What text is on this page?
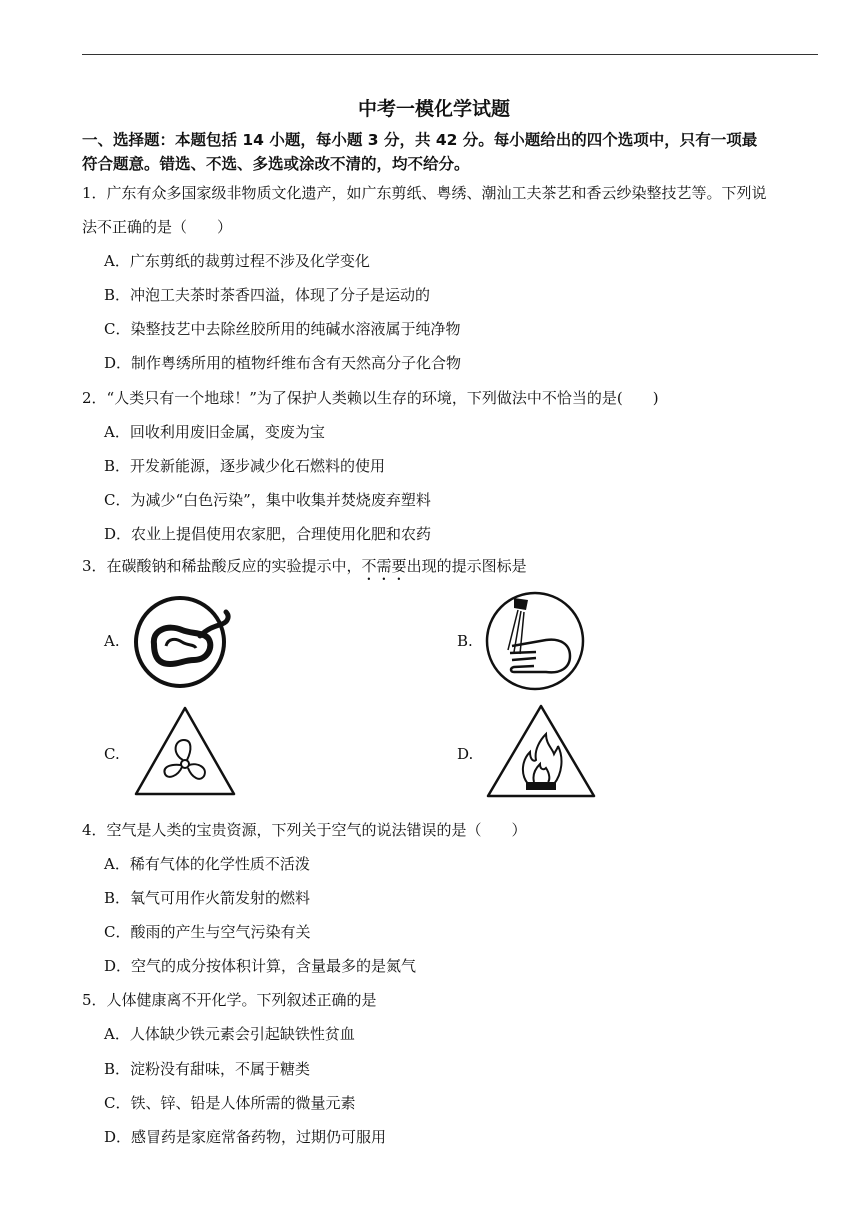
中考一模化学试题
一、选择题：本题包括 14 小题，每小题 3 分，共 42 分。每小题给出的四个选项中，只有一项最
符合题意。错选、不选、多选或涂改不清的，均不给分。
1．广东有众多国家级非物质文化遗产，如广东剪纸、粤绣、潮汕工夫茶艺和香云纱染整技艺等。下列说
法不正确的是（　　）
A．广东剪纸的裁剪过程不涉及化学变化
B．冲泡工夫茶时茶香四溢，体现了分子是运动的
C．染整技艺中去除丝胶所用的纯碱水溶液属于纯净物
D．制作粤绣所用的植物纤维布含有天然高分子化合物
2．“人类只有一个地球！”为了保护人类赖以生存的环境，下列做法中不恰当的是(　　)
A．回收利用废旧金属，变废为宝
B．开发新能源，逐步减少化石燃料的使用
C．为减少“白色污染”，集中收集并焚烧废弃塑料
D．农业上提倡使用农家肥，合理使用化肥和农药
3．在碳酸钠和稀盐酸反应的实验提示中，不需要出现的提示图标是
A.	B.
C.	D.
4．空气是人类的宝贵资源，下列关于空气的说法错误的是（　　）
A．稀有气体的化学性质不活泼
B．氧气可用作火箭发射的燃料
C．酸雨的产生与空气污染有关
D．空气的成分按体积计算，含量最多的是氮气
5．人体健康离不开化学。下列叙述正确的是
A．人体缺少铁元素会引起缺铁性贫血
B．淀粉没有甜味，不属于糖类
C．铁、锌、铅是人体所需的微量元素
D．感冒药是家庭常备药物，过期仍可服用
